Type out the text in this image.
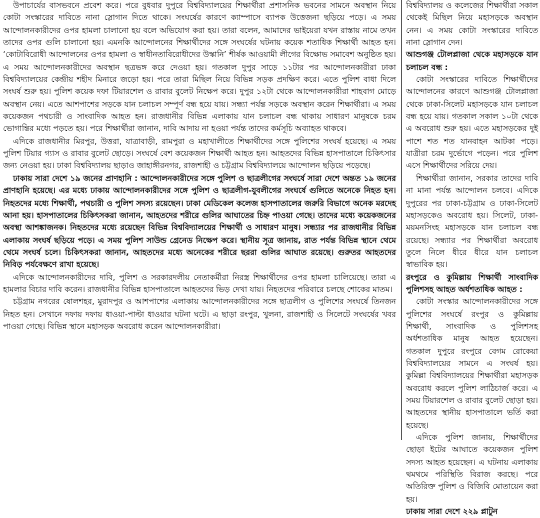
উপাচার্যের বাসভবনে প্রবেশ করে। পরে বুধবার দুপুরে বিশ্ববিদ্যালয়ের শিক্ষার্থীরা প্রশাসনিক ভবনের সামনে অবস্থান নিয়ে কোটা সংস্কারের দাবিতে নানা স্লোগান দিতে থাকে। সংঘর্ষের কারণে ক্যাম্পাসে ব্যাপক উত্তেজনা ছড়িয়ে পড়ে। এ সময় আন্দোলনকারীদের ওপর হামলা চালানো হয় বলে অভিযোগ করা হয়। তারা বলেন, আমাদের ভাইয়েরা যখন রাস্তায় নামে তখন তাদের ওপর গুলি চালানো হয়। এমনকি আন্দোলনের শিক্ষার্থীদের সঙ্গে সংঘর্ষের ঘটনায় কয়েক শতাধিক শিক্ষার্থী আহত হন। ‘কোটাবিরোধী আন্দোলনের ওপর হামলা ও স্বাধীনতাবিরোধীদের উস্কানি’ শীর্ষক আওয়ামী লীগের বিক্ষোভ সমাবেশ অনুষ্ঠিত হয়। এ সময় আন্দোলনকারীদের অবস্থান ছত্রভঙ্গ করে দেওয়া হয়। গতকাল দুপুর সাড়ে ১১টার পর আন্দোলনকারীরা ঢাকা বিশ্ববিদ্যালয়ের কেন্দ্রীয় শহীদ মিনারে জড়ো হয়। পরে তারা মিছিল নিয়ে বিভিন্ন সড়ক প্রদক্ষিণ করে। এতে পুলিশ বাধা দিলে সংঘর্ষ শুরু হয়। পুলিশ কয়েক দফা টিয়ারশেল ও রাবার বুলেট নিক্ষেপ করে। দুপুর ১২টা থেকে আন্দোলনকারীরা শাহবাগ মোড়ে অবস্থান নেয়। এতে আশপাশের সড়কে যান চলাচল সম্পূর্ণ বন্ধ হয়ে যায়। সন্ধ্যা পর্যন্ত সড়কে অবস্থান করেন শিক্ষার্থীরা। এ সময় কয়েকজন পথচারী ও সাংবাদিক আহত হন। রাজধানীর বিভিন্ন এলাকায় যান চলাচল বন্ধ থাকায় সাধারণ মানুষকে চরম ভোগান্তির মধ্যে পড়তে হয়। পরে শিক্ষার্থীরা জানান, দাবি আদায় না হওয়া পর্যন্ত তাদের কর্মসূচি অব্যাহত থাকবে।

এদিকে রাজধানীর মিরপুর, উত্তরা, যাত্রাবাড়ী, রামপুরা ও মহাখালীতে শিক্ষার্থীদের সঙ্গে পুলিশের সংঘর্ষ হয়েছে। এ সময় পুলিশ টিয়ার গ্যাস ও রাবার বুলেট ছোড়ে। সংঘর্ষে বেশ কয়েকজন শিক্ষার্থী আহত হন। আহতদের বিভিন্ন হাসপাতালে চিকিৎসার জন্য নেওয়া হয়। ঢাকা বিশ্ববিদ্যালয় ছাড়াও জাহাঙ্গীরনগর, রাজশাহী ও চট্টগ্রাম বিশ্ববিদ্যালয়ে আন্দোলন ছড়িয়ে পড়েছে।

ঢাকায় সারা দেশে ১৯ জনের প্রাণহানি : আন্দোলনকারীদের সঙ্গে পুলিশ ও ছাত্রলীগের সংঘর্ষে সারা দেশে অন্তত ১৯ জনের প্রাণহানি হয়েছে। এর মধ্যে ঢাকায় আন্দোলনকারীদের সঙ্গে পুলিশ ও ছাত্রলীগ-যুবলীগের সংঘর্ষে গুলিতে অনেকে নিহত হন। নিহতদের মধ্যে শিক্ষার্থী, পথচারী ও পুলিশ সদস্য রয়েছেন। ঢাকা মেডিকেল কলেজ হাসপাতালের জরুরি বিভাগে অনেক মরদেহ আনা হয়। হাসপাতালের চিকিৎসকরা জানান, আহতদের শরীরে গুলির আঘাতের চিহ্ন পাওয়া গেছে। তাদের মধ্যে কয়েকজনের অবস্থা আশঙ্কাজনক। নিহতদের মধ্যে রয়েছেন বিভিন্ন বিশ্ববিদ্যালয়ের শিক্ষার্থী ও সাধারণ মানুষ। সন্ধ্যার পর রাজধানীর বিভিন্ন এলাকায় সংঘর্ষ ছড়িয়ে পড়ে। এ সময় পুলিশ সাউন্ড গ্রেনেড নিক্ষেপ করে। স্থানীয় সূত্র জানায়, রাত পর্যন্ত বিভিন্ন স্থানে থেমে থেমে সংঘর্ষ চলে। চিকিৎসকরা জানান, আহতদের মধ্যে অনেকের শরীরে ছররা গুলির আঘাত রয়েছে। গুরুতর আহতদের নিবিড় পর্যবেক্ষণে রাখা হয়েছে।

এদিকে আন্দোলনকারীদের দাবি, পুলিশ ও সরকারদলীয় নেতাকর্মীরা নিরস্ত্র শিক্ষার্থীদের ওপর হামলা চালিয়েছে। তারা এ হামলার বিচার দাবি করেন। রাজধানীর বিভিন্ন হাসপাতালে আহতদের ভিড় দেখা যায়। নিহতদের পরিবারে চলছে শোকের মাতম।

চট্টগ্রাম নগরের ষোলশহর, মুরাদপুর ও আশপাশের এলাকায় আন্দোলনকারীদের সঙ্গে ছাত্রলীগ ও পুলিশের সংঘর্ষে তিনজন নিহত হন। সেখানে দফায় দফায় ধাওয়া-পাল্টা ধাওয়ার ঘটনা ঘটে। এ ছাড়া রংপুর, খুলনা, রাজশাহী ও সিলেটে সংঘর্ষের খবর পাওয়া গেছে। বিভিন্ন স্থানে মহাসড়ক অবরোধ করেন আন্দোলনকারীরা।

বিশ্ববিদ্যালয় ও কলেজের শিক্ষার্থীরা সকাল থেকেই মিছিল নিয়ে মহাসড়কে অবস্থান নেন। এ সময় কোটা সংস্কারের দাবিতে নানা স্লোগান দেন।

আশুগঞ্জ টোলপ্লাজা থেকে মহাসড়কে যান চলাচল বন্ধ :

কোটা সংস্কারের দাবিতে শিক্ষার্থীদের আন্দোলনের কারণে আশুগঞ্জ টোলপ্লাজা থেকে ঢাকা-সিলেট মহাসড়কে যান চলাচল বন্ধ হয়ে যায়। গতকাল সকাল ১০টা থেকে এ অবরোধ শুরু হয়। এতে মহাসড়কের দুই পাশে শত শত যানবাহন আটকা পড়ে। যাত্রীরা চরম দুর্ভোগে পড়েন। পরে পুলিশ এসে শিক্ষার্থীদের সরিয়ে দেয়।

শিক্ষার্থীরা জানান, সরকার তাদের দাবি না মানা পর্যন্ত আন্দোলন চলবে। এদিকে দুপুরের পর ঢাকা-চট্টগ্রাম ও ঢাকা-সিলেট মহাসড়কেও অবরোধ হয়। সিলেট, ঢাকা-ময়মনসিংহ মহাসড়কে যান চলাচল বন্ধ রয়েছে। সন্ধ্যার পর শিক্ষার্থীরা অবরোধ তুলে নিলে ধীরে ধীরে যান চলাচল স্বাভাবিক হয়।

রংপুরে ও কুমিল্লায় শিক্ষার্থী সাংবাদিক পুলিশসহ আহত অর্ধশতাধিক আহত :

কোটা সংস্কার আন্দোলনকারীদের সঙ্গে পুলিশের সংঘর্ষে রংপুর ও কুমিল্লায় শিক্ষার্থী, সাংবাদিক ও পুলিশসহ অর্ধশতাধিক মানুষ আহত হয়েছেন। গতকাল দুপুরে রংপুরে বেগম রোকেয়া বিশ্ববিদ্যালয়ের সামনে এ সংঘর্ষ হয়। কুমিল্লা বিশ্ববিদ্যালয়ের শিক্ষার্থীরা মহাসড়ক অবরোধ করলে পুলিশ লাঠিচার্জ করে। এ সময় টিয়ারশেল ও রাবার বুলেট ছোড়া হয়। আহতদের স্থানীয় হাসপাতালে ভর্তি করা হয়েছে।

এদিকে পুলিশ জানায়, শিক্ষার্থীদের ছোড়া ইটের আঘাতে কয়েকজন পুলিশ সদস্য আহত হয়েছেন। এ ঘটনায় এলাকায় থমথমে পরিস্থিতি বিরাজ করছে। পরে অতিরিক্ত পুলিশ ও বিজিবি মোতায়েন করা হয়।

ঢাকায় সারা দেশে ২২৯ প্লাটুন
